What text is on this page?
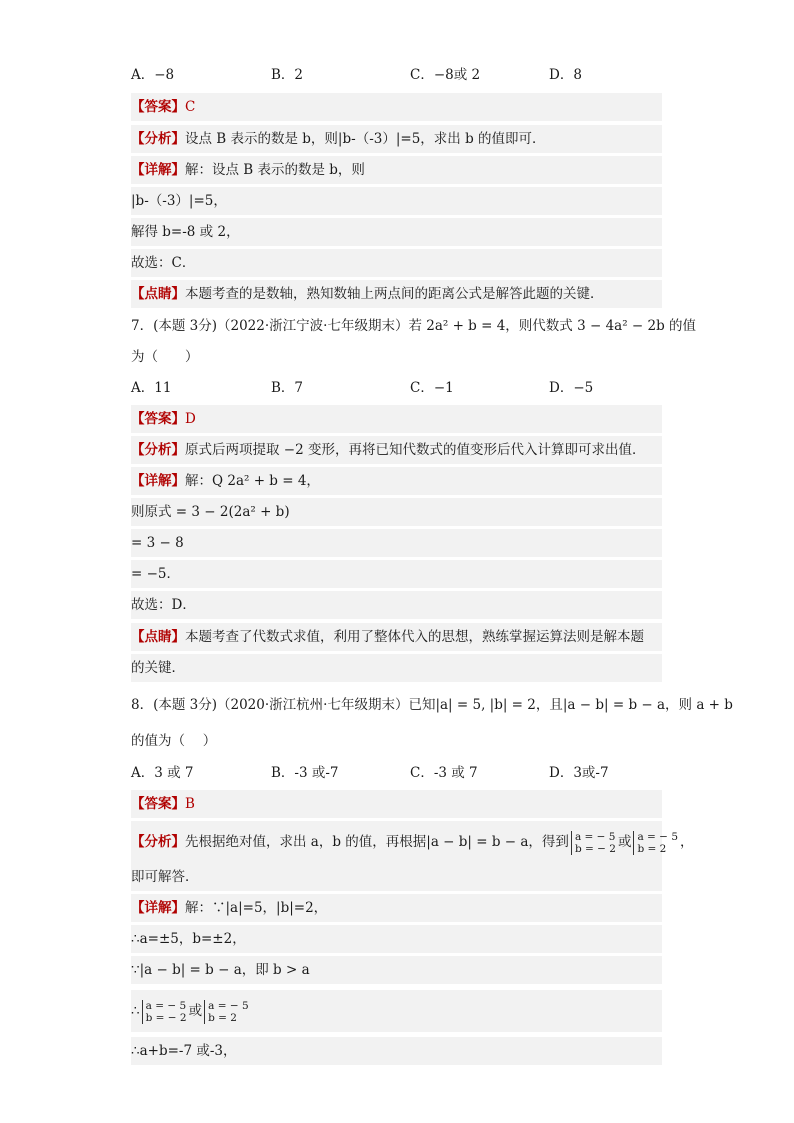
A．−8	B．2	C．−8或 2	D．8
【答案】C
【分析】设点 B 表示的数是 b，则|b-（-3）|=5，求出 b 的值即可．
【详解】解：设点 B 表示的数是 b，则
|b-（-3）|=5，
解得 b=-8 或 2，
故选：C．
【点睛】本题考查的是数轴，熟知数轴上两点间的距离公式是解答此题的关键．
7．(本题 3分)（2022·浙江宁波·七年级期末）若 2a² + b = 4，则代数式 3 − 4a² − 2b 的值
为（　　）
A．11	B．7	C．−1	D．−5
【答案】D
【分析】原式后两项提取 −2 变形，再将已知代数式的值变形后代入计算即可求出值．
【详解】解：Q 2a² + b = 4，
则原式 = 3 − 2(2a² + b)
= 3 − 8
= −5．
故选：D．
【点睛】本题考查了代数式求值，利用了整体代入的思想，熟练掌握运算法则是解本题
的关键．
8．(本题 3分)（2020·浙江杭州·七年级期末）已知|a| = 5, |b| = 2，且|a − b| = b − a，则 a + b
的值为（　 ）
A．3 或 7	B．-3 或-7	C．-3 或 7	D．3或-7
【答案】B
【分析】先根据绝对值，求出 a，b 的值，再根据|a − b| = b − a，得到 a = − 5
b = − 2 或 a = − 5
b = 2 ，
即可解答．
【详解】解：∵|a|=5，|b|=2，
∴a=±5，b=±2，
∵|a − b| = b − a，即 b > a
∴ a = − 5
b = − 2 或 a = − 5
b = 2
∴a+b=-7 或-3，
